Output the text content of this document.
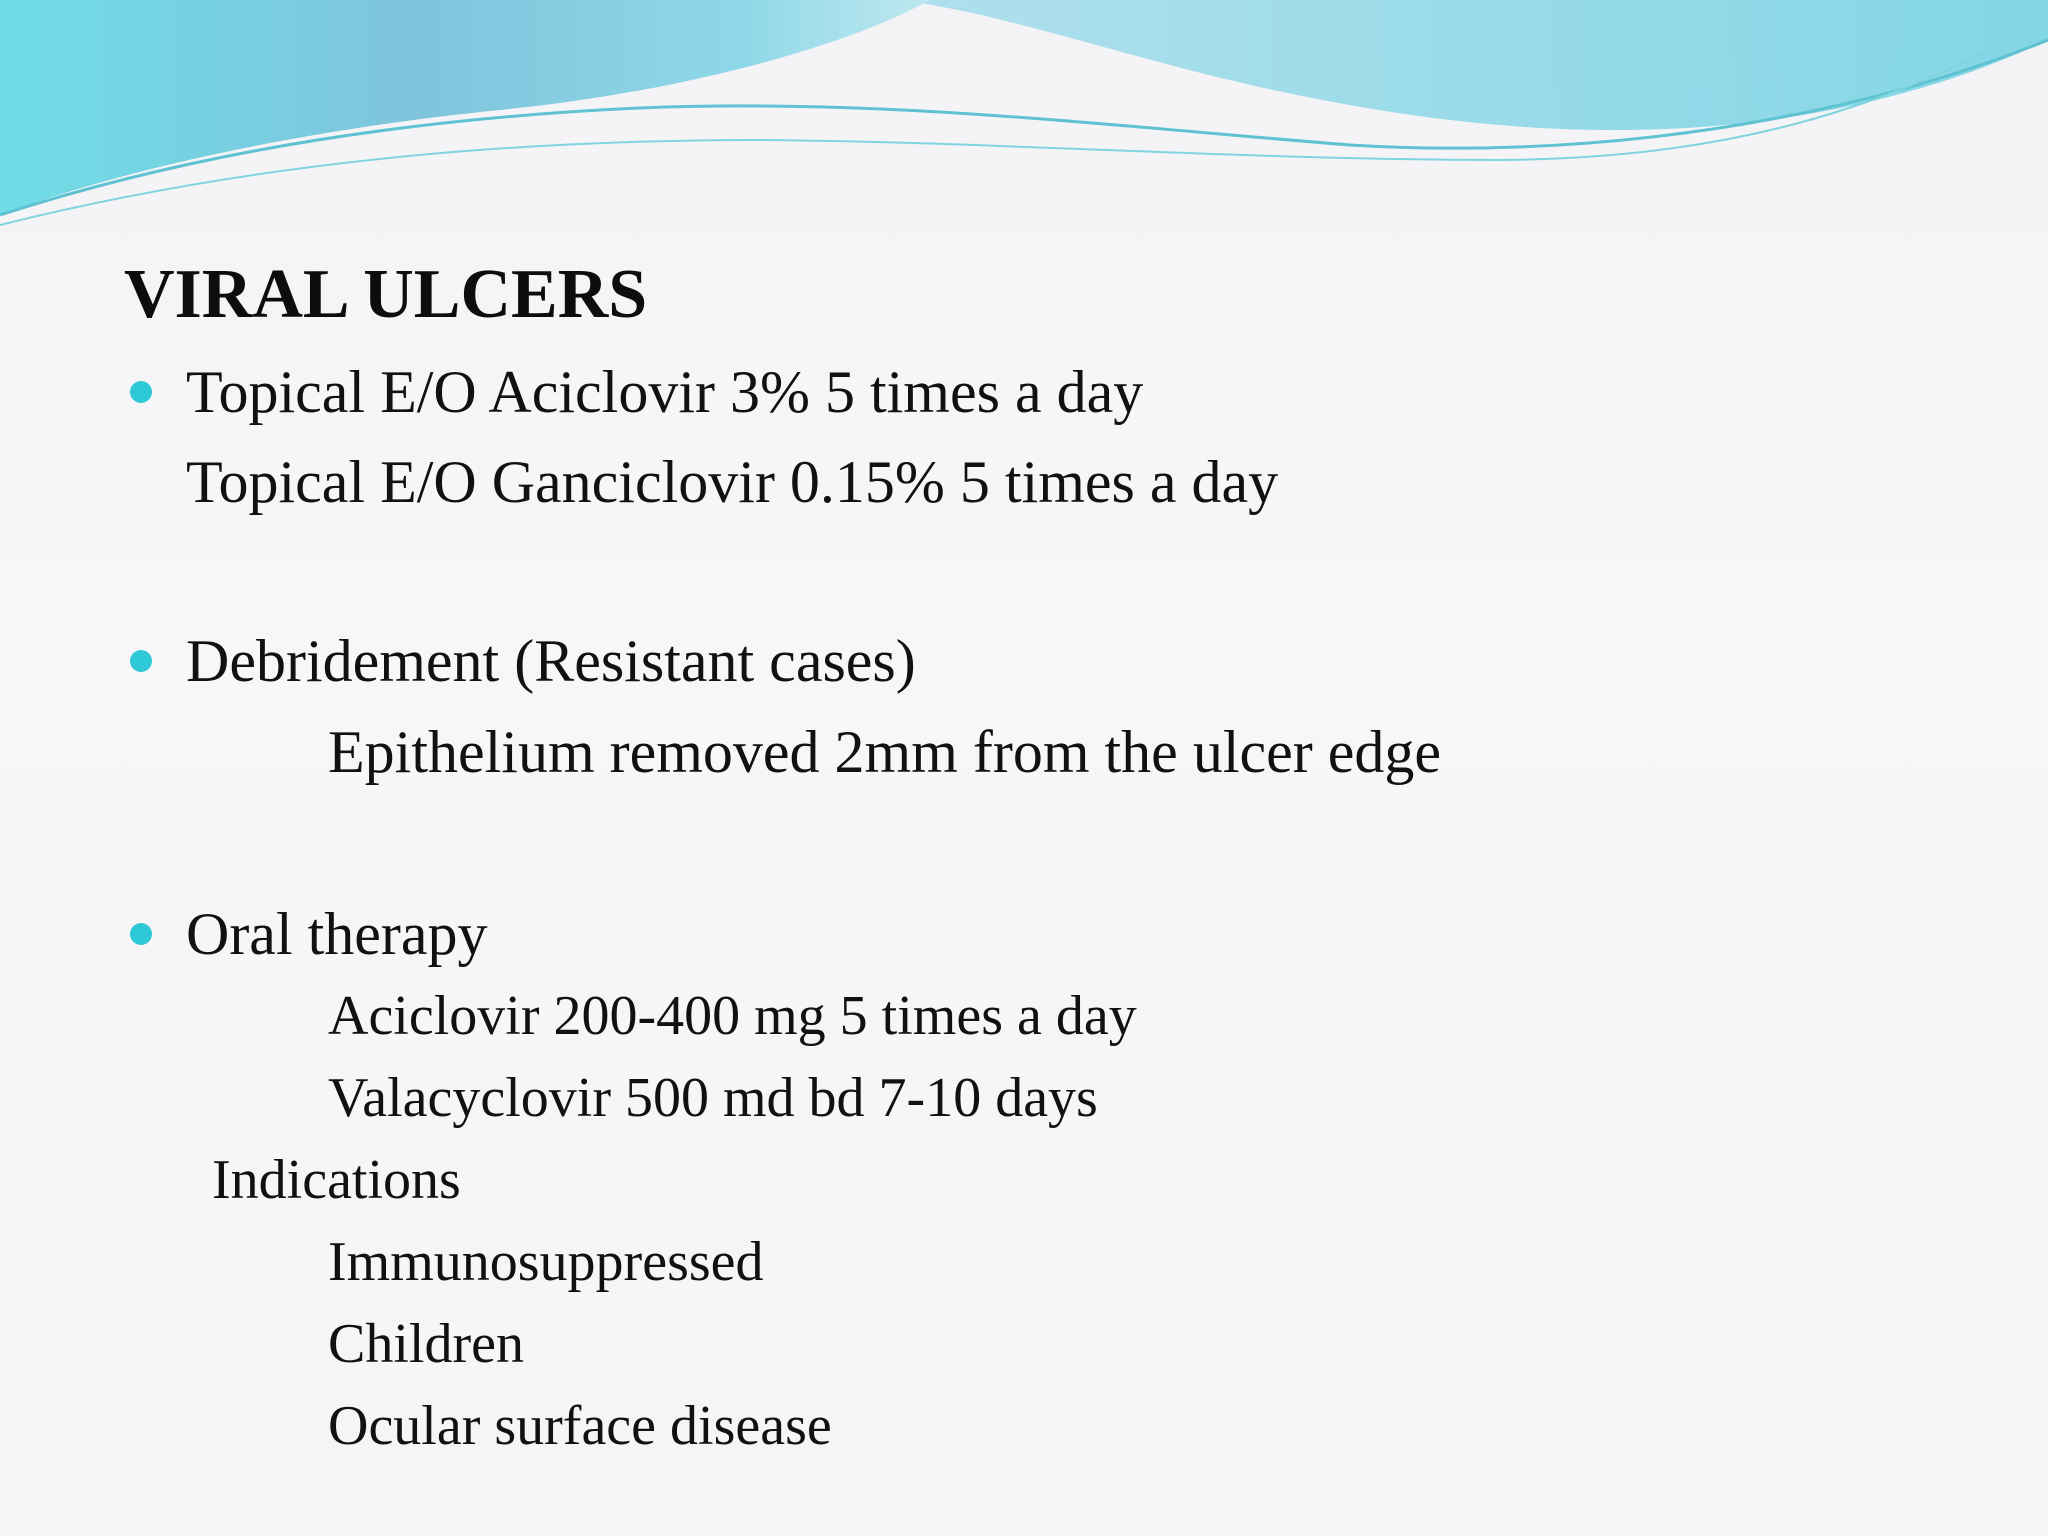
VIRAL ULCERS
Topical E/O Aciclovir 3% 5 times a day
Topical E/O Ganciclovir 0.15% 5 times a day
Debridement (Resistant cases)
Epithelium removed 2mm from the ulcer edge
Oral therapy
Aciclovir 200-400 mg 5 times a day
Valacyclovir 500 md bd 7-10 days
Indications
Immunosuppressed
Children
Ocular surface disease
